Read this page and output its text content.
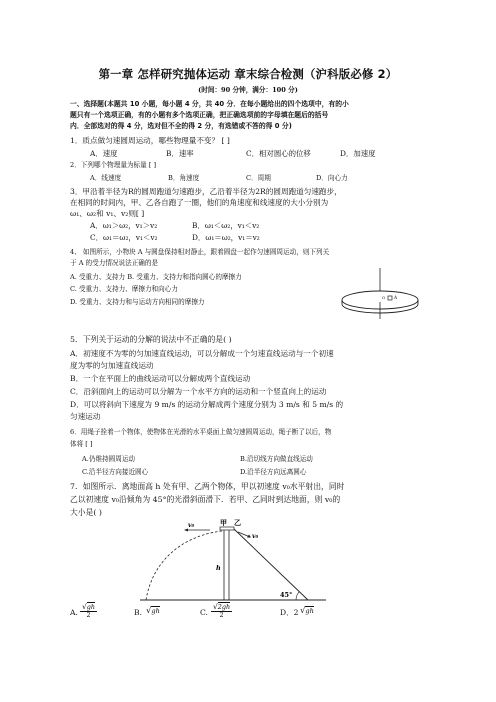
第一章 怎样研究抛体运动 章末综合检测（沪科版必修 2）
(时间：90 分钟，满分：100 分)
一、选择题(本题共 10 小题，每小题 4 分，共 40 分．在每小题给出的四个选项中，有的小
题只有一个选项正确，有的小题有多个选项正确，把正确选项前的字母填在题后的括号
内．全部选对的得 4 分，选对但不全的得 2 分，有选错或不答的得 0 分)
1．质点做匀速圆周运动，哪些物理量不变？ [ ]
A．速度	B．速率	C．相对圆心的位移	D．加速度
2．下列哪个物理量为标量 [ ]
A．线速度	B．角速度	C．周期	D．向心力
3．甲沿着半径为R的圆周跑道匀速跑步，乙沿着半径为2R的圆周跑道匀速跑步，
在相同的时间内，甲、乙各自跑了一圈，他们的角速度和线速度的大小分别为
ω₁、ω₂和 v₁、v₂则[ ]
A．ω₁＞ω₂，v₁＞v₂	B．ω₁＜ω₂，v₁＜v₂
C．ω₁＝ω₂，v₁＜v₂	D．ω₁＝ω₂，v₁＝v₂
4、 如图所示，小物块 A 与圆盘保持相对静止，跟着圆盘一起作匀速圆周运动，则下列关
于 A 的受力情况说法正确的是
A. 受重力、支持力 B. 受重力、支持力和指向圆心的摩擦力
C. 受重力、支持力、摩擦力和向心力
D. 受重力、支持力和与运动方向相同的摩擦力
A
O
5．下列关于运动的分解的说法中不正确的是( )
A．初速度不为零的匀加速直线运动，可以分解成一个匀速直线运动与一个初速
度为零的匀加速直线运动
B．一个在平面上的曲线运动可以分解成两个直线运动
C．沿斜面向上的运动可以分解为一个水平方向的运动和一个竖直向上的运动
D．可以将斜向下速度为 9 m/s 的运动分解成两个速度分别为 3 m/s 和 5 m/s 的
匀速运动
6．用绳子拴着一个物体，使物体在光滑的水平桌面上做匀速圆周运动，绳子断了以后，物
体将 [ ]
A.仍维持圆周运动	B.沿切线方向做直线运动
C.沿半径方向接近圆心	D.沿半径方向远离圆心
7．如图所示．离地面高 h 处有甲、乙两个物体，甲以初速度 v₀水平射出，同时
乙以初速度 v₀沿倾角为 45°的光滑斜面滑下．若甲、乙同时到达地面，则 v₀的
大小是( )
v₀	甲 乙
h
v₀
45°
A. $\frac{√gh}{2}$	B. √gh	C. $\frac{√2gh}{2}$	D．2 √gh
